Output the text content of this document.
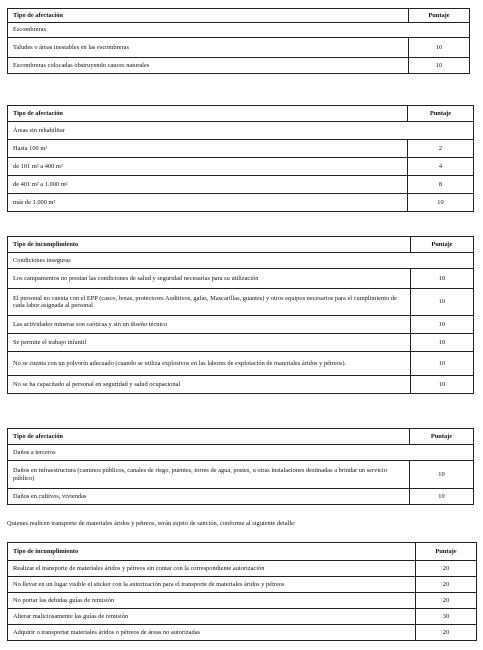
Tipo de afectación	Puntaje
Escombreras	
Taludes o áreas inestables en las escombreras	10
Escombreras colocadas obstruyendo cauces naturales	10
Tipo de afectación	Puntaje
Áreas sin rehabilitar	
Hasta 100 m²	2
de 101 m² a 400 m²	4
de 401 m² a 1.000 m²	8
más de 1.000 m²	10
Tipo de incumplimiento	Puntaje
Condiciones inseguras	
Los campamentos no prestan las condiciones de salud y seguridad necesarias para su utilización	10
El personal no cuenta con el EPP (casco, botas, protectores Auditivos, gafas, Mascarillas, guantes) y otros equipos necesarios para el cumplimiento de cada labor asignada al personal	10
Las actividades mineras son caóticas y sin un diseño técnico	10
Se permite el trabajo infantil	10
No se cuenta con un polvorín adecuado (cuando se utiliza explosivos en las labores de explotación de materiales áridos y pétreos).	10
No se ha capacitado al personal en seguridad y salud ocupacional	10
Tipo de afectación	Puntaje
Daños a terceros	
Daños en infraestructura (caminos públicos, canales de riego, puentes, torres de agua, postes, u otras instalaciones destinadas a brindar un servicio público)	10
Daños en cultivos, viviendas	10
Quienes realicen transporte de materiales áridos y pétreos, serán sujeto de sanción, conforme al siguiente detalle:
Tipo de incumplimiento	Puntaje
Realizar el transporte de materiales áridos y pétreos sin contar con la correspondiente autorización	20
No llevar en un lugar visible el sticker con la autorización para el transporte de materiales áridos y pétreos	20
No portar las debidas guías de remisión	20
Alterar maliciosamente las guías de remisión	30
Adquirir o transportar materiales áridos o pétreos de áreas no autorizadas	20
